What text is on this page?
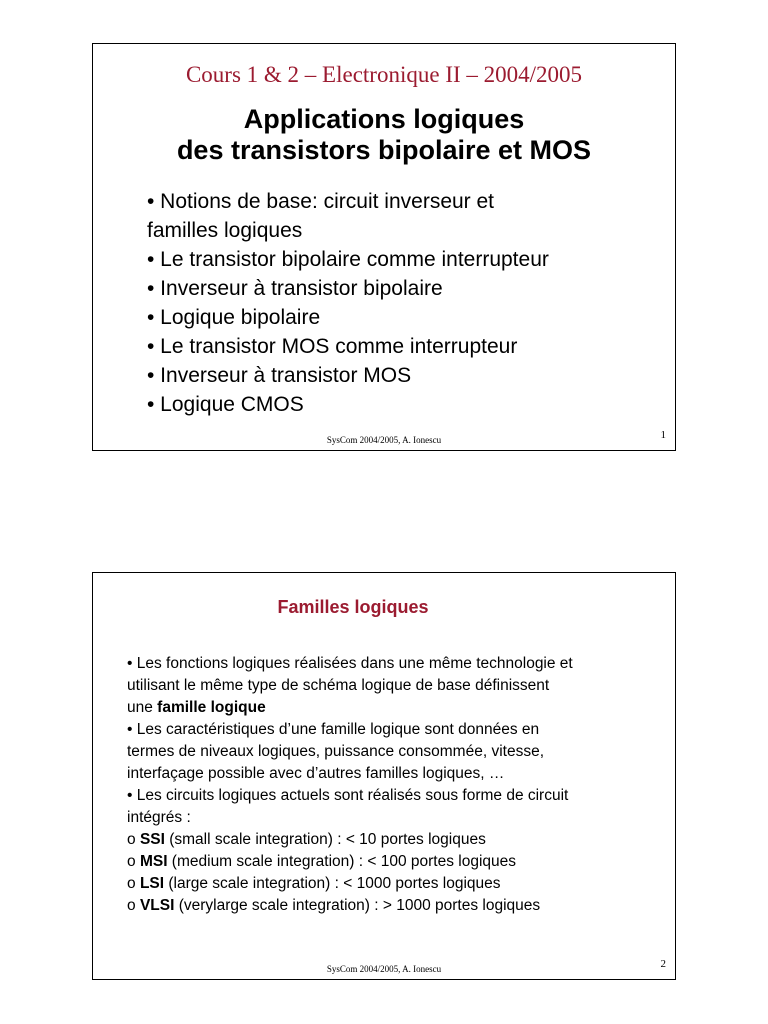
Cours 1 & 2 – Electronique II – 2004/2005
Applications logiques
des transistors bipolaire et MOS
• Notions de base: circuit inverseur et
familles logiques
• Le transistor bipolaire comme interrupteur
• Inverseur à transistor bipolaire
• Logique bipolaire
• Le transistor MOS comme interrupteur
• Inverseur à transistor MOS
• Logique CMOS
SysCom 2004/2005, A. Ionescu	1
Familles logiques

• Les fonctions logiques réalisées dans une même technologie et

utilisant le même type de schéma logique de base définissent

une famille logique

• Les caractéristiques d’une famille logique sont données en

termes de niveaux logiques, puissance consommée, vitesse,

interfaçage possible avec d’autres familles logiques, …

• Les circuits logiques actuels sont réalisés sous forme de circuit

intégrés :

o SSI (small scale integration) : < 10 portes logiques

o MSI (medium scale integration) : < 100 portes logiques

o LSI (large scale integration) : < 1000 portes logiques

o VLSI (verylarge scale integration) : > 1000 portes logiques

SysCom 2004/2005, A. Ionescu	2
